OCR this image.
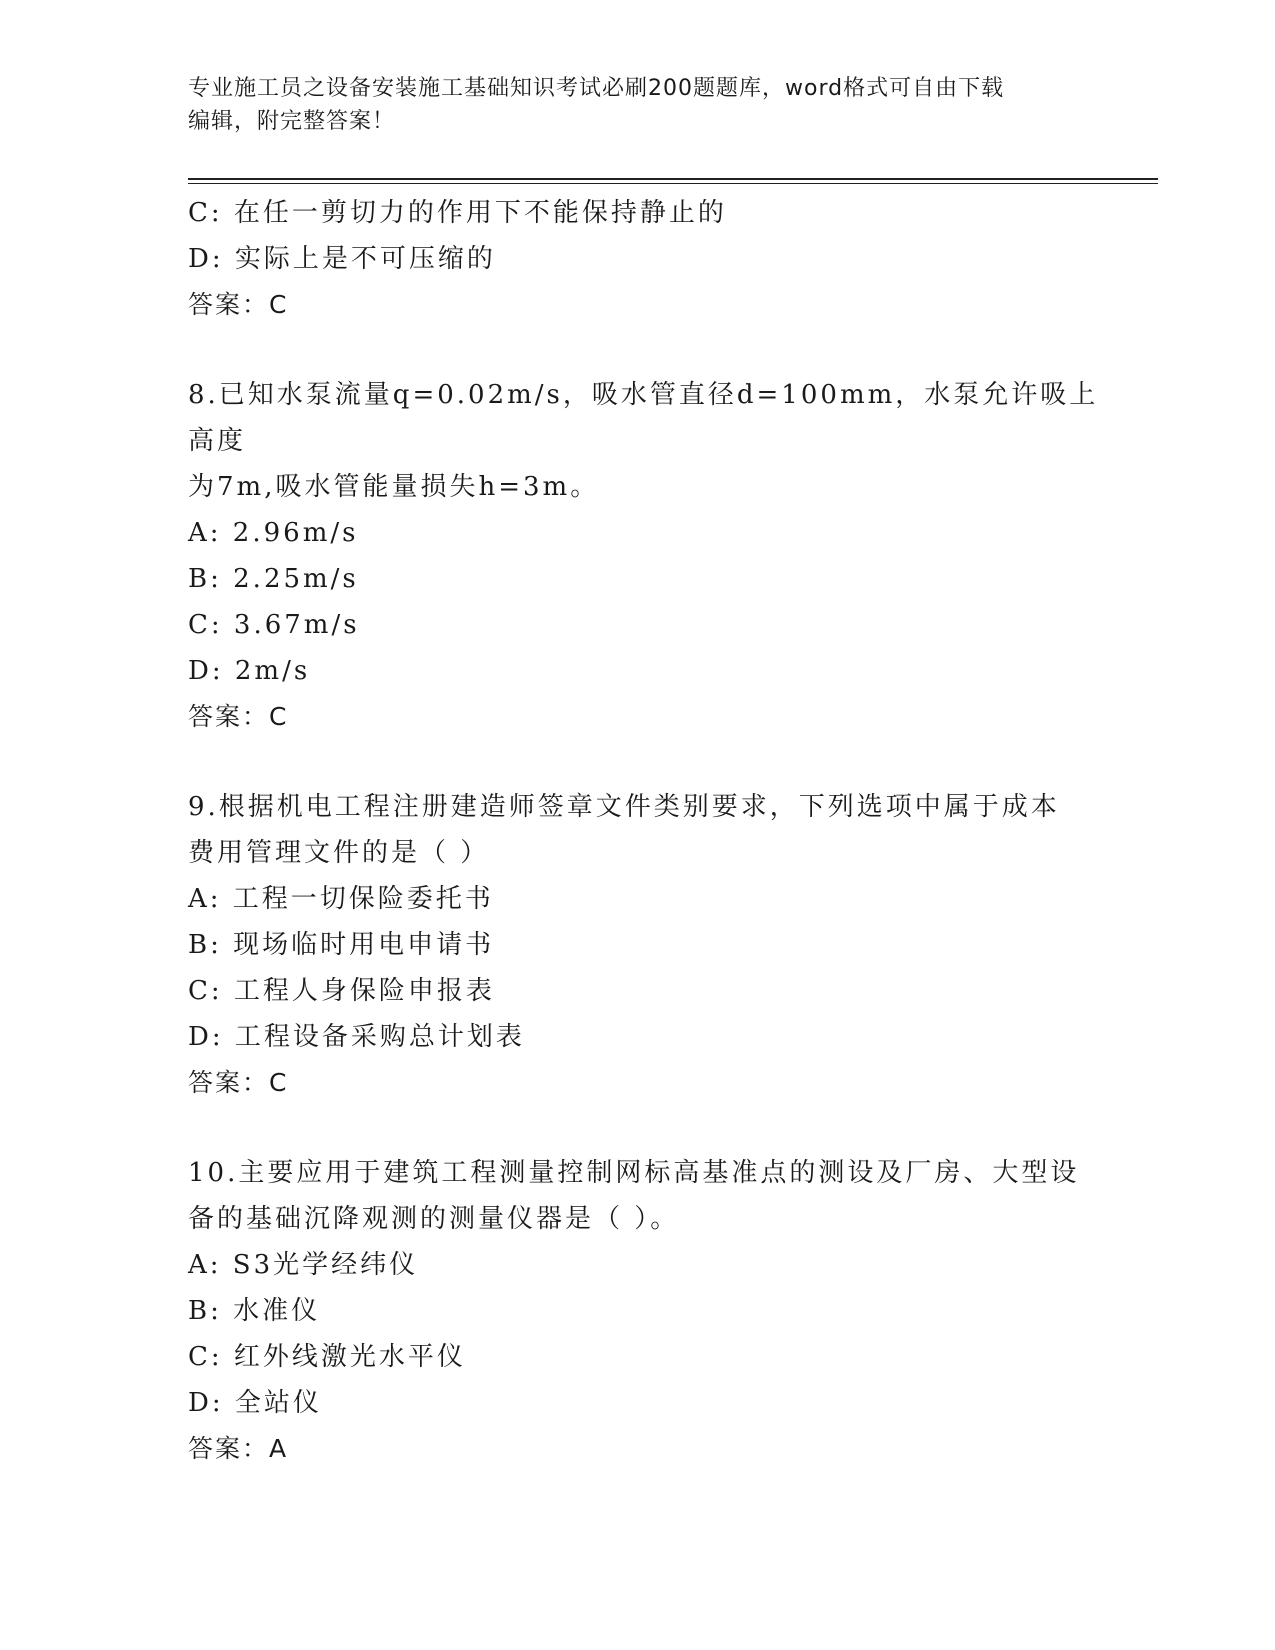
专业施工员之设备安装施工基础知识考试必刷200题题库，word格式可自由下载
编辑，附完整答案！
C: 在任一剪切力的作用下不能保持静止的
D: 实际上是不可压缩的
答案：C
8.已知水泵流量q=0.02m/s，吸水管直径d=100mm，水泵允许吸上高度
为7m,吸水管能量损失h=3m。
A: 2.96m/s
B: 2.25m/s
C: 3.67m/s
D: 2m/s
答案：C
9.根据机电工程注册建造师签章文件类别要求，下列选项中属于成本
费用管理文件的是（ ）
A: 工程一切保险委托书
B: 现场临时用电申请书
C: 工程人身保险申报表
D: 工程设备采购总计划表
答案：C
10.主要应用于建筑工程测量控制网标高基准点的测设及厂房、大型设
备的基础沉降观测的测量仪器是（ ）。
A: S3光学经纬仪
B: 水准仪
C: 红外线激光水平仪
D: 全站仪
答案：A
